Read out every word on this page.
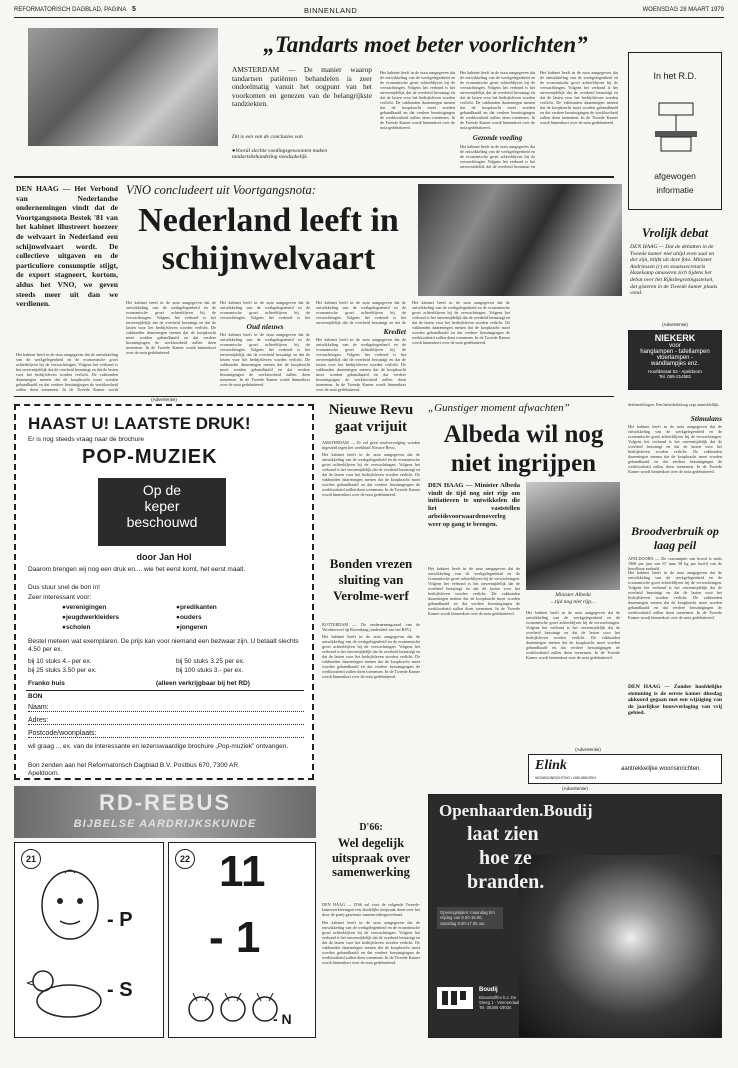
REFORMATORISCH DAGBLAD, PAGINA 5	BINNENLAND	WOENSDAG 28 MAART 1979
„Tandarts moet beter voorlichten”
AMSTERDAM — De manier waarop tandartsen patiënten behandelen is zeer ondoelmatig vanuit het oogpunt van het voorkomen en genezen van de belangrijkste tandziekten.
Dit is een van de conclusies van
● Voorál slechte voedingsgewoonten maken tandartsbehandeling noodzakelijk.
Het kabinet heeft in de nota aangegeven dat de ontwikkeling van de werkgelegenheid en de economische groei achterblijven bij de verwachtingen. Volgens het verbond is het onvermijdelijk dat de overheid bezuinigt en dat de lasten voor het bedrijfsleven worden verlicht. De vakbonden daarentegen menen dat de koopkracht moet worden gehandhaafd en dat verdere bezuinigingen de werkloosheid zullen doen toenemen. In de Tweede Kamer wordt binnenkort over de nota gedebatteerd.
Het kabinet heeft in de nota aangegeven dat de ontwikkeling van de werkgelegenheid en de economische groei achterblijven bij de verwachtingen. Volgens het verbond is het onvermijdelijk dat de overheid bezuinigt en dat de lasten voor het bedrijfsleven worden verlicht. De vakbonden daarentegen menen dat de koopkracht moet worden gehandhaafd en dat verdere bezuinigingen de werkloosheid zullen doen toenemen. In de Tweede Kamer wordt binnenkort over de nota gedebatteerd.
Gezonde voeding
Het kabinet heeft in de nota aangegeven dat de ontwikkeling van de werkgelegenheid en de economische groei achterblijven bij de verwachtingen. Volgens het verbond is het onvermijdelijk dat de overheid bezuinigt en
Het kabinet heeft in de nota aangegeven dat de ontwikkeling van de werkgelegenheid en de economische groei achterblijven bij de verwachtingen. Volgens het verbond is het onvermijdelijk dat de overheid bezuinigt en dat de lasten voor het bedrijfsleven worden verlicht. De vakbonden daarentegen menen dat de koopkracht moet worden gehandhaafd en dat verdere bezuinigingen de werkloosheid zullen doen toenemen. In de Tweede Kamer wordt binnenkort over de nota gedebatteerd.
In het R.D.
afgewogen
informatie
DEN HAAG — Het Verbond van Nederlandse ondernemingen vindt dat de Voortgangsnota Bestek '81 van het kabinet illustreert hoezeer de welvaart in Nederland een schijnwelvaart wordt. De collectieve uitgaven en de particuliere consumptie stijgt, de export stagneert, kortom, aldus het VNO, we geven steeds meer uit dan we verdienen.
Het kabinet heeft in de nota aangegeven dat de ontwikkeling van de werkgelegenheid en de economische groei achterblijven bij de verwachtingen. Volgens het verbond is het onvermijdelijk dat de overheid bezuinigt en dat de lasten voor het bedrijfsleven worden verlicht. De vakbonden daarentegen menen dat de koopkracht moet worden gehandhaafd en dat verdere bezuinigingen de werkloosheid zullen doen toenemen. In de Tweede Kamer wordt
VNO concludeert uit Voortgangsnota:
Nederland leeft in schijnwelvaart
Het kabinet heeft in de nota aangegeven dat de ontwikkeling van de werkgelegenheid en de economische groei achterblijven bij de verwachtingen. Volgens het verbond is het onvermijdelijk dat de overheid bezuinigt en dat de lasten voor het bedrijfsleven worden verlicht. De vakbonden daarentegen menen dat de koopkracht moet worden gehandhaafd en dat verdere bezuinigingen de werkloosheid zullen doen toenemen. In de Tweede Kamer wordt binnenkort over de nota gedebatteerd.
Het kabinet heeft in de nota aangegeven dat de ontwikkeling van de werkgelegenheid en de economische groei achterblijven bij de verwachtingen. Volgens het verbond is het
Oud nieuws
Het kabinet heeft in de nota aangegeven dat de ontwikkeling van de werkgelegenheid en de economische groei achterblijven bij de verwachtingen. Volgens het verbond is het onvermijdelijk dat de overheid bezuinigt en dat de lasten voor het bedrijfsleven worden verlicht. De vakbonden daarentegen menen dat de koopkracht moet worden gehandhaafd en dat verdere bezuinigingen de werkloosheid zullen doen toenemen. In de Tweede Kamer wordt binnenkort over de nota gedebatteerd.
Het kabinet heeft in de nota aangegeven dat de ontwikkeling van de werkgelegenheid en de economische groei achterblijven bij de verwachtingen. Volgens het verbond is het onvermijdelijk dat de overheid bezuinigt en dat de
Krediet
Het kabinet heeft in de nota aangegeven dat de ontwikkeling van de werkgelegenheid en de economische groei achterblijven bij de verwachtingen. Volgens het verbond is het onvermijdelijk dat de overheid bezuinigt en dat de lasten voor het bedrijfsleven worden verlicht. De vakbonden daarentegen menen dat de koopkracht moet worden gehandhaafd en dat verdere bezuinigingen de werkloosheid zullen doen toenemen. In de Tweede Kamer wordt binnenkort over de nota gedebatteerd.
Het kabinet heeft in de nota aangegeven dat de ontwikkeling van de werkgelegenheid en de economische groei achterblijven bij de verwachtingen. Volgens het verbond is het onvermijdelijk dat de overheid bezuinigt en dat de lasten voor het bedrijfsleven worden verlicht. De vakbonden daarentegen menen dat de koopkracht moet worden gehandhaafd en dat verdere bezuinigingen de werkloosheid zullen doen toenemen. In de Tweede Kamer wordt binnenkort over de nota gedebatteerd.
Vrolijk debat
DEN HAAG — Dat de debatten in de Tweede kamer niet altijd even saai en dor zijn, blijkt uit deze foto. Minister Andriessen (r) en staatssecretaris Hazekamp amuseren zich tijdens het debat over het Rijksbegrotingsstelsel, dat gisteren in de Tweede kamer plaats vond.
(Advertentie)
NIEKERK
voor
hanglampen - tafellampen
vloerlampen -
wandlampjes enz.
Hoofdstraat 53 - Apeldoorn
Tel. 055-214581
(Advertentie)
HAAST U! LAATSTE DRUK!
Er is nog steeds vraag naar de brochure
POP-MUZIEK
Op de
keper
beschouwd
door Jan Hol
Daarom brengen wij nog een druk en.... wie het eerst komt, het eerst maalt.
Dus stuur snel de bon in!
Zeer interessant voor:
● verenigingen	● predikanten
● jeugdwerkleiders	● ouders
● scholen	● jongeren
Bestel meteen wat exemplaren. De prijs kan voor niemand een bezwaar zijn. U betaalt slechts 4.50 per ex.
bij 10 stuks 4.- per ex.	bij 50 stuks 3.25 per ex.
bij 25 stuks 3.50 per ex.	bij 100 stuks 3.- per ex.
Franko huis	(alleen verkrijgbaar bij het RD)
BON
Naam:
Adres:
Postcode/woonplaats:
wil graag ... ex. van de interessante en lezenswaardige brochure „Pop-muziek” ontvangen.
Bon zenden aan het Reformatorisch Dagblad B.V. Postbus 670, 7300 AR Apeldoorn.
Nieuwe Revu gaat vrijuit
AMSTERDAM — Er zal geen strafvervolging worden ingesteld tegen het weekblad Nieuwe Revu.
Het kabinet heeft in de nota aangegeven dat de ontwikkeling van de werkgelegenheid en de economische groei achterblijven bij de verwachtingen. Volgens het verbond is het onvermijdelijk dat de overheid bezuinigt en dat de lasten voor het bedrijfsleven worden verlicht. De vakbonden daarentegen menen dat de koopkracht moet worden gehandhaafd en dat verdere bezuinigingen de werkloosheid zullen doen toenemen. In de Tweede Kamer wordt binnenkort over de nota gedebatteerd.
Bonden vrezen sluiting van Verolme-werf
ROTTERDAM — De ondernemingsraad van de Verolmewerf op Rozenburg (onderdeel van het RSV).
Het kabinet heeft in de nota aangegeven dat de ontwikkeling van de werkgelegenheid en de economische groei achterblijven bij de verwachtingen. Volgens het verbond is het onvermijdelijk dat de overheid bezuinigt en dat de lasten voor het bedrijfsleven worden verlicht. De vakbonden daarentegen menen dat de koopkracht moet worden gehandhaafd en dat verdere bezuinigingen de werkloosheid zullen doen toenemen. In de Tweede Kamer wordt binnenkort over de nota gedebatteerd.
„Gunstiger moment afwachten”
Albeda wil nog niet ingrijpen
DEN HAAG — Minister Albeda vindt de tijd nog niet rijp om initiatieven te ontwikkelen die het vaststellen arbeidsvoorwaardenoverleg weer op gang te brengen.
Het kabinet heeft in de nota aangegeven dat de ontwikkeling van de werkgelegenheid en de economische groei achterblijven bij de verwachtingen. Volgens het verbond is het onvermijdelijk dat de overheid bezuinigt en dat de lasten voor het bedrijfsleven worden verlicht. De vakbonden daarentegen menen dat de koopkracht moet worden gehandhaafd en dat verdere bezuinigingen de werkloosheid zullen doen toenemen. In de Tweede Kamer wordt binnenkort over de nota gedebatteerd.
Minister Albeda
...tijd nog niet rijp...
Het kabinet heeft in de nota aangegeven dat de ontwikkeling van de werkgelegenheid en de economische groei achterblijven bij de verwachtingen. Volgens het verbond is het onvermijdelijk dat de overheid bezuinigt en dat de lasten voor het bedrijfsleven worden verlicht. De vakbonden daarentegen menen dat de koopkracht moet worden gehandhaafd en dat verdere bezuinigingen de werkloosheid zullen doen toenemen. In de Tweede Kamer wordt binnenkort over de nota gedebatteerd.
derhandelingen. Een beleidsdialoog zegt onmiddellijk.
Stimulans
Het kabinet heeft in de nota aangegeven dat de ontwikkeling van de werkgelegenheid en de economische groei achterblijven bij de verwachtingen. Volgens het verbond is het onvermijdelijk dat de overheid bezuinigt en dat de lasten voor het bedrijfsleven worden verlicht. De vakbonden daarentegen menen dat de koopkracht moet worden gehandhaafd en dat verdere bezuinigingen de werkloosheid zullen doen toenemen. In de Tweede Kamer wordt binnenkort over de nota gedebatteerd.
Broodverbruik op laag peil
APELDOORN — De consumptie van brood is sinds 1968 per jaar van 67 naar 58 kg per hoofd van de bevolking gedaald.
Het kabinet heeft in de nota aangegeven dat de ontwikkeling van de werkgelegenheid en de economische groei achterblijven bij de verwachtingen. Volgens het verbond is het onvermijdelijk dat de overheid bezuinigt en dat de lasten voor het bedrijfsleven worden verlicht. De vakbonden daarentegen menen dat de koopkracht moet worden gehandhaafd en dat verdere bezuinigingen de werkloosheid zullen doen toenemen. In de Tweede Kamer wordt binnenkort over de nota gedebatteerd.
DEN HAAG — Zonder hoofdelijke stemming is de eerste kamer dinsdag akkoord gegaan met een wijziging van de jaarlijkse bouwverlaging van vrij gebied.
(Advertentie)
Elink
WONINGINRICHTING • NIEUWEGEIN
aantrekkelijke woonsinrichten.
RD-REBUS
BIJBELSE AARDRIJKSKUNDE
21
- P
- S
22 11
- 1
- N
D'66:
Wel degelijk uitspraak over samenwerking
DEN HAAG — D'66 zal voor de volgende Tweede-kamerverkiezingen een duidelijke uitspraak doen over het door de partij gewenste samenwerkingsverband.
Het kabinet heeft in de nota aangegeven dat de ontwikkeling van de werkgelegenheid en de economische groei achterblijven bij de verwachtingen. Volgens het verbond is het onvermijdelijk dat de overheid bezuinigt en dat de lasten voor het bedrijfsleven worden verlicht. De vakbonden daarentegen menen dat de koopkracht moet worden gehandhaafd en dat verdere bezuinigingen de werkloosheid zullen doen toenemen. In de Tweede Kamer wordt binnenkort over de nota gedebatteerd.
(Advertentie)
Openhaarden.Boudij
laat zien
hoe ze
branden.
Openingstijden: maandag t/m vrijdag van 8.00-18.00, zaterdag 9.00-17.00 uur.
Boudij
Bouwstoffen b.v. De Steeg 1 - Veenendaal Tel. 08385-19034
